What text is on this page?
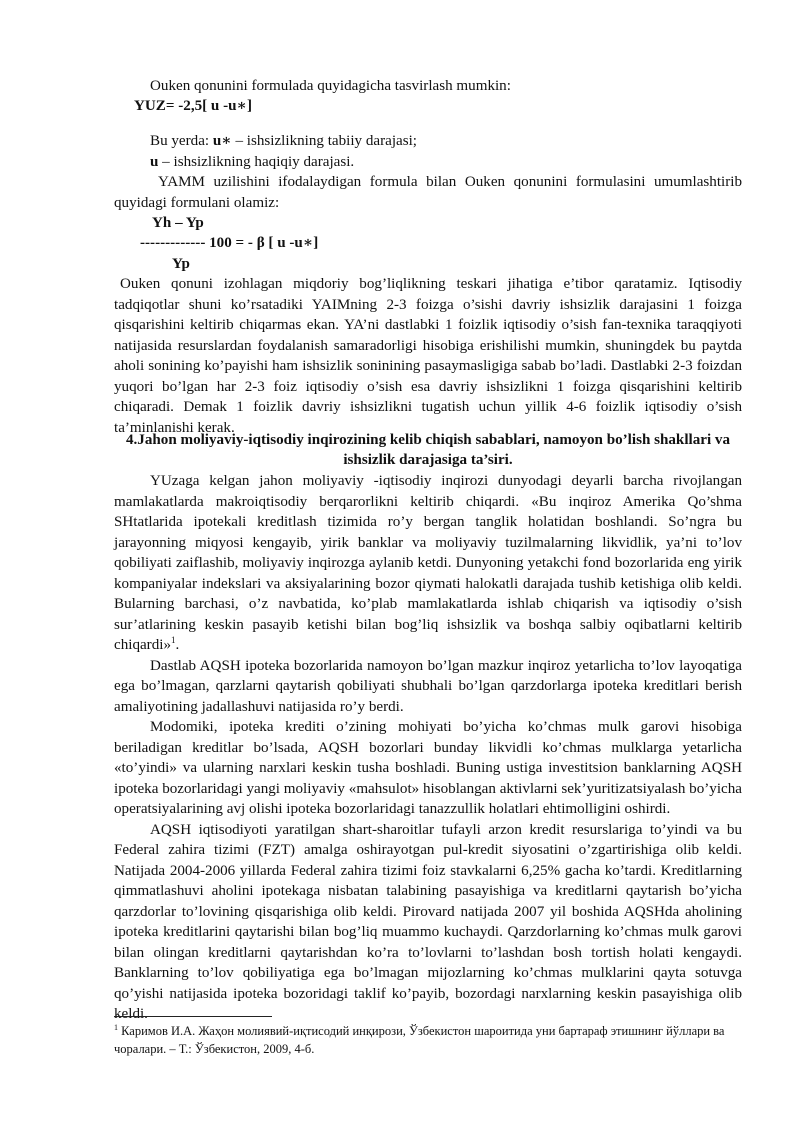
Ouken qonunini formulada quyidagicha tasvirlash mumkin:
YUZ= -2,5[ u -u∗]
Bu yerda: u∗ – ishsizlikning tabiiy darajasi;
u – ishsizlikning haqiqiy darajasi.

YAMM uzilishini ifodalaydigan formula bilan Ouken qonunini formulasini umumlashtirib quyidagi formulani olamiz:

Yh – Yp
------------- 100 = - β [ u -u∗]
Yp

Ouken qonuni izohlagan miqdoriy bog’liqlikning teskari jihatiga e’tibor qaratamiz. Iqtisodiy tadqiqotlar shuni ko’rsatadiki YAIMning 2-3 foizga o’sishi davriy ishsizlik darajasini 1 foizga qisqarishini keltirib chiqarmas ekan. YA’ni dastlabki 1 foizlik iqtisodiy o’sish fan-texnika taraqqiyoti natijasida resurslardan foydalanish samaradorligi hisobiga erishilishi mumkin, shuningdek bu paytda aholi sonining ko’payishi ham ishsizlik soninining pasaymasligiga sabab bo’ladi. Dastlabki 2-3 foizdan yuqori bo’lgan har 2-3 foiz iqtisodiy o’sish esa davriy ishsizlikni 1 foizga qisqarishini keltirib chiqaradi. Demak 1 foizlik davriy ishsizlikni tugatish uchun yillik 4-6 foizlik iqtisodiy o’sish ta’minlanishi kerak.

4.Jahon moliyaviy-iqtisodiy inqirozining kelib chiqish sabablari, namoyon bo’lish shakllari va ishsizlik darajasiga ta’siri.

YUzaga kelgan jahon moliyaviy -iqtisodiy inqirozi dunyodagi deyarli barcha rivojlangan mamlakatlarda makroiqtisodiy berqarorlikni keltirib chiqardi. «Bu inqiroz Amerika Qo’shma SHtatlarida ipotekali kreditlash tizimida ro’y bergan tanglik holatidan boshlandi. So’ngra bu jarayonning miqyosi kengayib, yirik banklar va moliyaviy tuzilmalarning likvidlik, ya’ni to’lov qobiliyati zaiflashib, moliyaviy inqirozga aylanib ketdi. Dunyoning yetakchi fond bozorlarida eng yirik kompaniyalar indekslari va aksiyalarining bozor qiymati halokatli darajada tushib ketishiga olib keldi. Bularning barchasi, o’z navbatida, ko’plab mamlakatlarda ishlab chiqarish va iqtisodiy o’sish sur’atlarining keskin pasayib ketishi bilan bog’liq ishsizlik va boshqa salbiy oqibatlarni keltirib chiqardi»$^1$.

Dastlab AQSH ipoteka bozorlarida namoyon bo’lgan mazkur inqiroz yetarlicha to’lov layoqatiga ega bo’lmagan, qarzlarni qaytarish qobiliyati shubhali bo’lgan qarzdorlarga ipoteka kreditlari berish amaliyotining jadallashuvi natijasida ro’y berdi.

Modomiki, ipoteka krediti o’zining mohiyati bo’yicha ko’chmas mulk garovi hisobiga beriladigan kreditlar bo’lsada, AQSH bozorlari bunday likvidli ko’chmas mulklarga yetarlicha «to’yindi» va ularning narxlari keskin tusha boshladi. Buning ustiga investitsion banklarning AQSH ipoteka bozorlaridagi yangi moliyaviy «mahsulot» hisoblangan aktivlarni sek’yuritizatsiyalash bo’yicha operatsiyalarining avj olishi ipoteka bozorlaridagi tanazzullik holatlari ehtimolligini oshirdi.

AQSH iqtisodiyoti yaratilgan shart-sharoitlar tufayli arzon kredit resurslariga to’yindi va bu Federal zahira tizimi (FZT) amalga oshirayotgan pul-kredit siyosatini o’zgartirishiga olib keldi. Natijada 2004-2006 yillarda Federal zahira tizimi foiz stavkalarni 6,25% gacha ko’tardi. Kreditlarning qimmatlashuvi aholini ipotekaga nisbatan talabining pasayishiga va kreditlarni qaytarish bo’yicha qarzdorlar to’lovining qisqarishiga olib keldi. Pirovard natijada 2007 yil boshida AQSHda aholining ipoteka kreditlarini qaytarishi bilan bog’liq muammo kuchaydi. Qarzdorlarning ko’chmas mulk garovi bilan olingan kreditlarni qaytarishdan ko’ra to’lovlarni to’lashdan bosh tortish holati kengaydi. Banklarning to’lov qobiliyatiga ega bo’lmagan mijozlarning ko’chmas mulklarini qayta sotuvga qo’yishi natijasida ipoteka bozoridagi taklif ko’payib, bozordagi narxlarning keskin pasayishiga olib keldi.

$^1$ Каримов И.А. Жаҳон молиявий-иқтисодий инқирози, Ўзбекистон шароитида уни бартараф этишнинг йўллари ва чоралари. – Т.: Ўзбекистон, 2009, 4-б.
